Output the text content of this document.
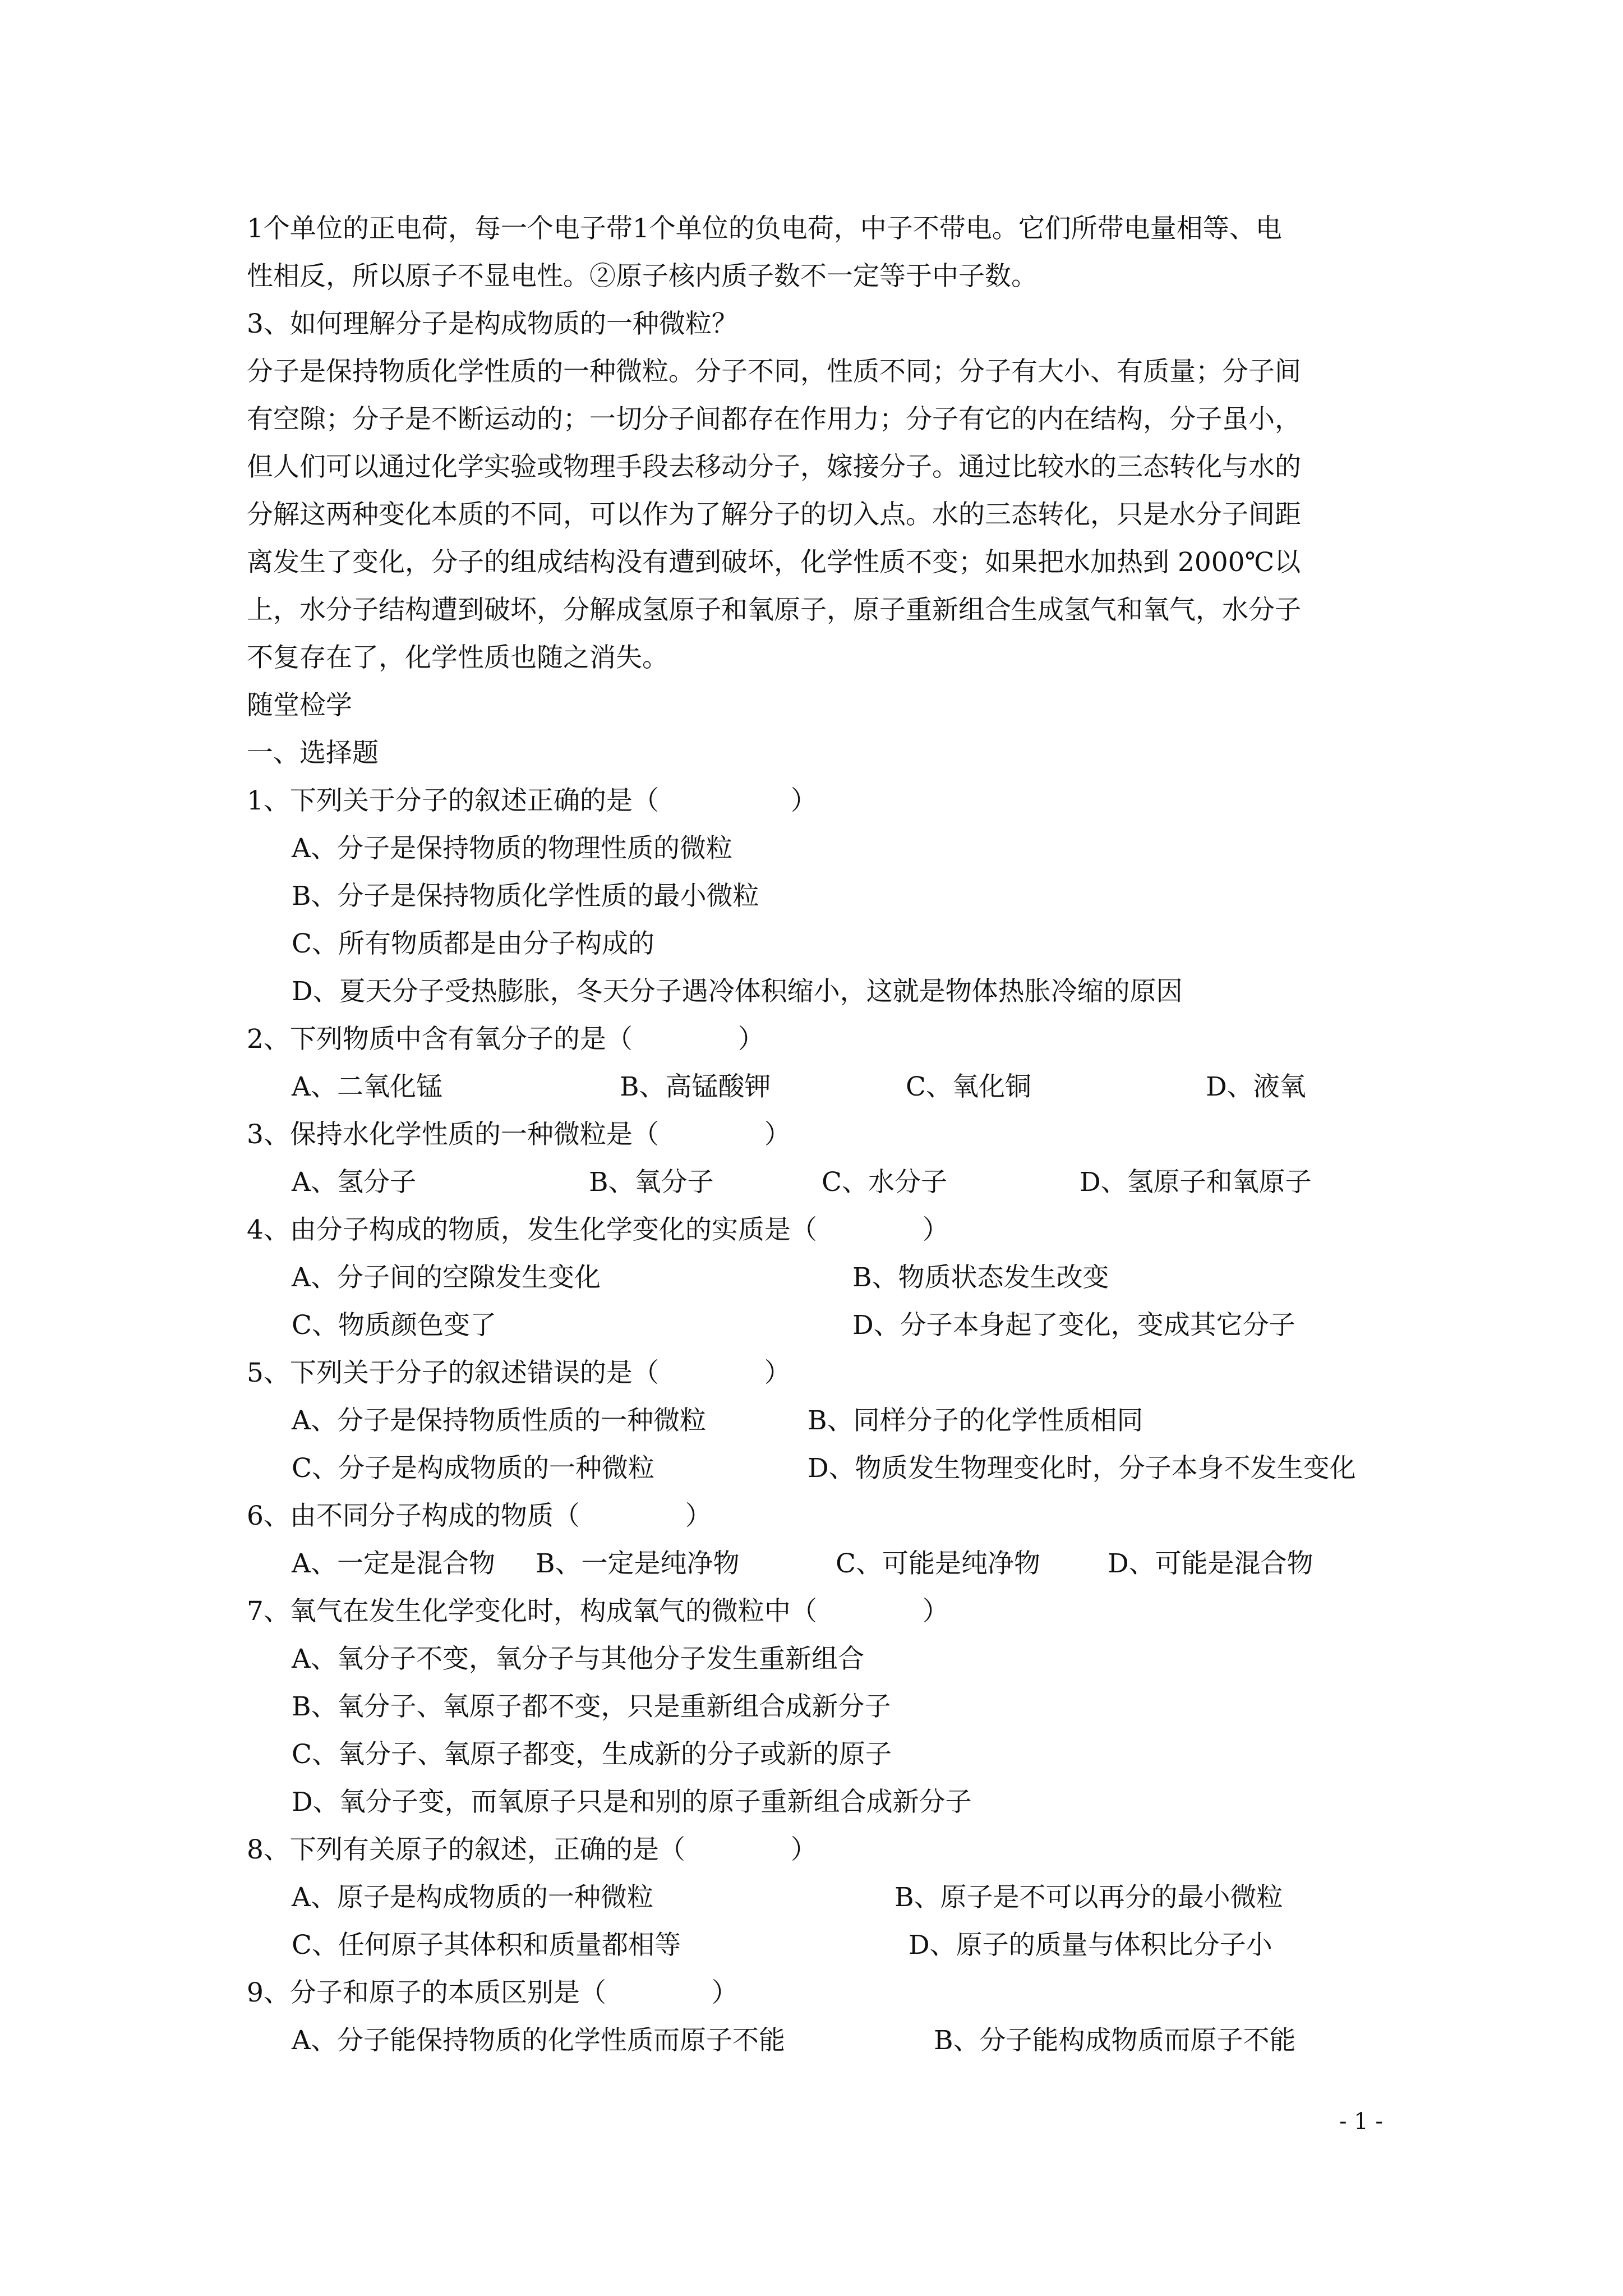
1个单位的正电荷，每一个电子带1个单位的负电荷，中子不带电。它们所带电量相等、电
性相反，所以原子不显电性。②原子核内质子数不一定等于中子数。
3、如何理解分子是构成物质的一种微粒？
分子是保持物质化学性质的一种微粒。分子不同，性质不同；分子有大小、有质量；分子间
有空隙；分子是不断运动的；一切分子间都存在作用力；分子有它的内在结构，分子虽小，
但人们可以通过化学实验或物理手段去移动分子，嫁接分子。通过比较水的三态转化与水的
分解这两种变化本质的不同，可以作为了解分子的切入点。水的三态转化，只是水分子间距
离发生了变化，分子的组成结构没有遭到破坏，化学性质不变；如果把水加热到 2000℃以
上，水分子结构遭到破坏，分解成氢原子和氧原子，原子重新组合生成氢气和氧气，水分子
不复存在了，化学性质也随之消失。
随堂检学
一、选择题
1、下列关于分子的叙述正确的是（　　　　　）
A、分子是保持物质的物理性质的微粒
B、分子是保持物质化学性质的最小微粒
C、所有物质都是由分子构成的
D、夏天分子受热膨胀，冬天分子遇冷体积缩小，这就是物体热胀冷缩的原因
2、下列物质中含有氧分子的是（　　　　）
A、二氧化锰	B、高锰酸钾	C、氧化铜	D、液氧
3、保持水化学性质的一种微粒是（　　　　）
A、氢分子	B、氧分子	C、水分子	D、氢原子和氧原子
4、由分子构成的物质，发生化学变化的实质是（　　　　）
A、分子间的空隙发生变化	B、物质状态发生改变
C、物质颜色变了	D、分子本身起了变化，变成其它分子
5、下列关于分子的叙述错误的是（　　　　）
A、分子是保持物质性质的一种微粒	B、同样分子的化学性质相同
C、分子是构成物质的一种微粒	D、物质发生物理变化时，分子本身不发生变化
6、由不同分子构成的物质（　　　　）
A、一定是混合物 B、一定是纯净物	C、可能是纯净物	D、可能是混合物
7、氧气在发生化学变化时，构成氧气的微粒中（　　　　）
A、氧分子不变，氧分子与其他分子发生重新组合
B、氧分子、氧原子都不变，只是重新组合成新分子
C、氧分子、氧原子都变，生成新的分子或新的原子
D、氧分子变，而氧原子只是和别的原子重新组合成新分子
8、下列有关原子的叙述，正确的是（　　　　）
A、原子是构成物质的一种微粒	B、原子是不可以再分的最小微粒
C、任何原子其体积和质量都相等	D、原子的质量与体积比分子小
9、分子和原子的本质区别是（　　　　）
A、分子能保持物质的化学性质而原子不能	B、分子能构成物质而原子不能
- 1 -
